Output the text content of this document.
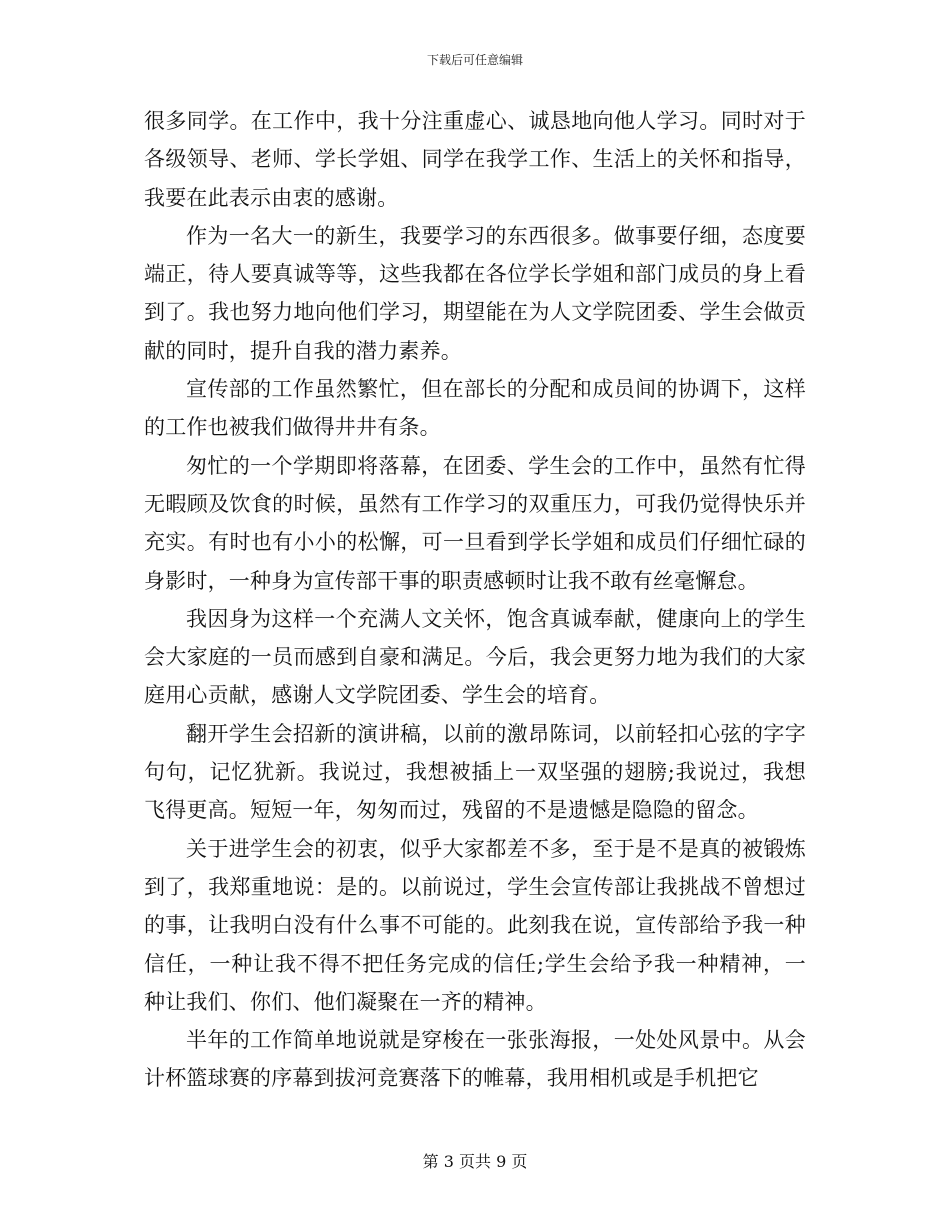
下载后可任意编辑

很多同学。在工作中，我十分注重虚心、诚恳地向他人学习。同时对于各级领导、老师、学长学姐、同学在我学工作、生活上的关怀和指导，我要在此表示由衷的感谢。

作为一名大一的新生，我要学习的东西很多。做事要仔细，态度要端正，待人要真诚等等，这些我都在各位学长学姐和部门成员的身上看到了。我也努力地向他们学习，期望能在为人文学院团委、学生会做贡献的同时，提升自我的潜力素养。

宣传部的工作虽然繁忙，但在部长的分配和成员间的协调下，这样的工作也被我们做得井井有条。

匆忙的一个学期即将落幕，在团委、学生会的工作中，虽然有忙得无暇顾及饮食的时候，虽然有工作学习的双重压力，可我仍觉得快乐并充实。有时也有小小的松懈，可一旦看到学长学姐和成员们仔细忙碌的身影时，一种身为宣传部干事的职责感顿时让我不敢有丝毫懈怠。

我因身为这样一个充满人文关怀，饱含真诚奉献，健康向上的学生会大家庭的一员而感到自豪和满足。今后，我会更努力地为我们的大家庭用心贡献，感谢人文学院团委、学生会的培育。

翻开学生会招新的演讲稿，以前的激昂陈词，以前轻扣心弦的字字句句，记忆犹新。我说过，我想被插上一双坚强的翅膀;我说过，我想飞得更高。短短一年，匆匆而过，残留的不是遗憾是隐隐的留念。

关于进学生会的初衷，似乎大家都差不多，至于是不是真的被锻炼到了，我郑重地说：是的。以前说过，学生会宣传部让我挑战不曾想过的事，让我明白没有什么事不可能的。此刻我在说，宣传部给予我一种信任，一种让我不得不把任务完成的信任;学生会给予我一种精神，一种让我们、你们、他们凝聚在一齐的精神。

半年的工作简单地说就是穿梭在一张张海报，一处处风景中。从会计杯篮球赛的序幕到拔河竞赛落下的帷幕，我用相机或是手机把它

第 3 页共 9 页
